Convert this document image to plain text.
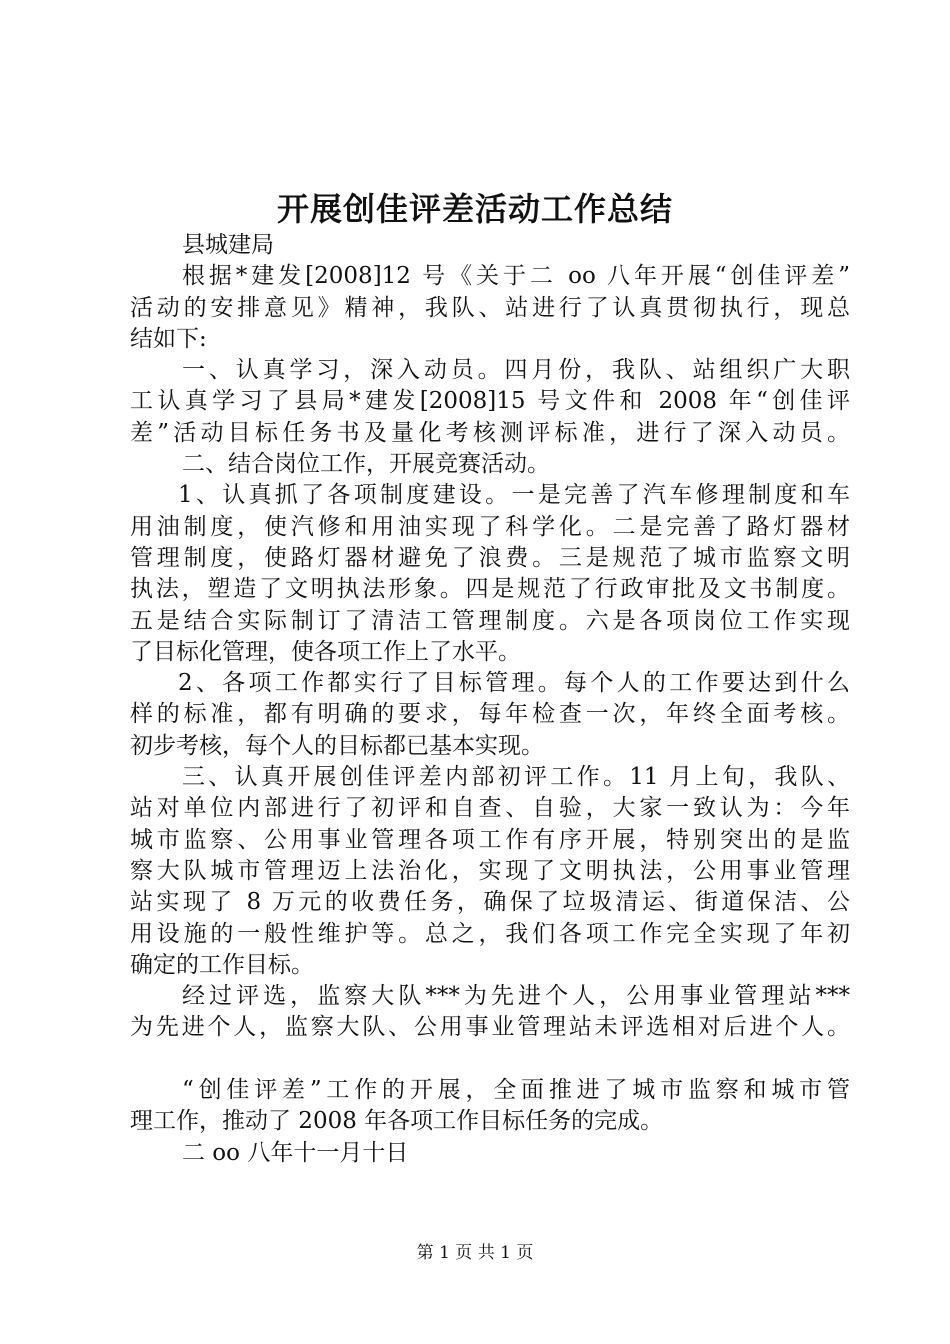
开展创佳评差活动工作总结
县城建局
根据*建发[2008]12 号《关于二 oo 八年开展“创佳评差”
活动的安排意见》精神，我队、站进行了认真贯彻执行，现总
结如下:
一、认真学习，深入动员。四月份，我队、站组织广大职
工认真学习了县局*建发[2008]15 号文件和 2008 年“创佳评
差”活动目标任务书及量化考核测评标准，进行了深入动员。
二、结合岗位工作，开展竞赛活动。
1、认真抓了各项制度建设。一是完善了汽车修理制度和车
用油制度，使汽修和用油实现了科学化。二是完善了路灯器材
管理制度，使路灯器材避免了浪费。三是规范了城市监察文明
执法，塑造了文明执法形象。四是规范了行政审批及文书制度。
五是结合实际制订了清洁工管理制度。六是各项岗位工作实现
了目标化管理，使各项工作上了水平。
2、各项工作都实行了目标管理。每个人的工作要达到什么
样的标准，都有明确的要求，每年检查一次，年终全面考核。
初步考核，每个人的目标都已基本实现。
三、认真开展创佳评差内部初评工作。11 月上旬，我队、
站对单位内部进行了初评和自查、自验，大家一致认为：今年
城市监察、公用事业管理各项工作有序开展，特别突出的是监
察大队城市管理迈上法治化，实现了文明执法，公用事业管理
站实现了 8 万元的收费任务，确保了垃圾清运、街道保洁、公
用设施的一般性维护等。总之，我们各项工作完全实现了年初
确定的工作目标。
经过评选，监察大队***为先进个人，公用事业管理站***
为先进个人，监察大队、公用事业管理站未评选相对后进个人。
“创佳评差”工作的开展，全面推进了城市监察和城市管
理工作，推动了 2008 年各项工作目标任务的完成。
二 oo 八年十一月十日
第 1 页 共 1 页
